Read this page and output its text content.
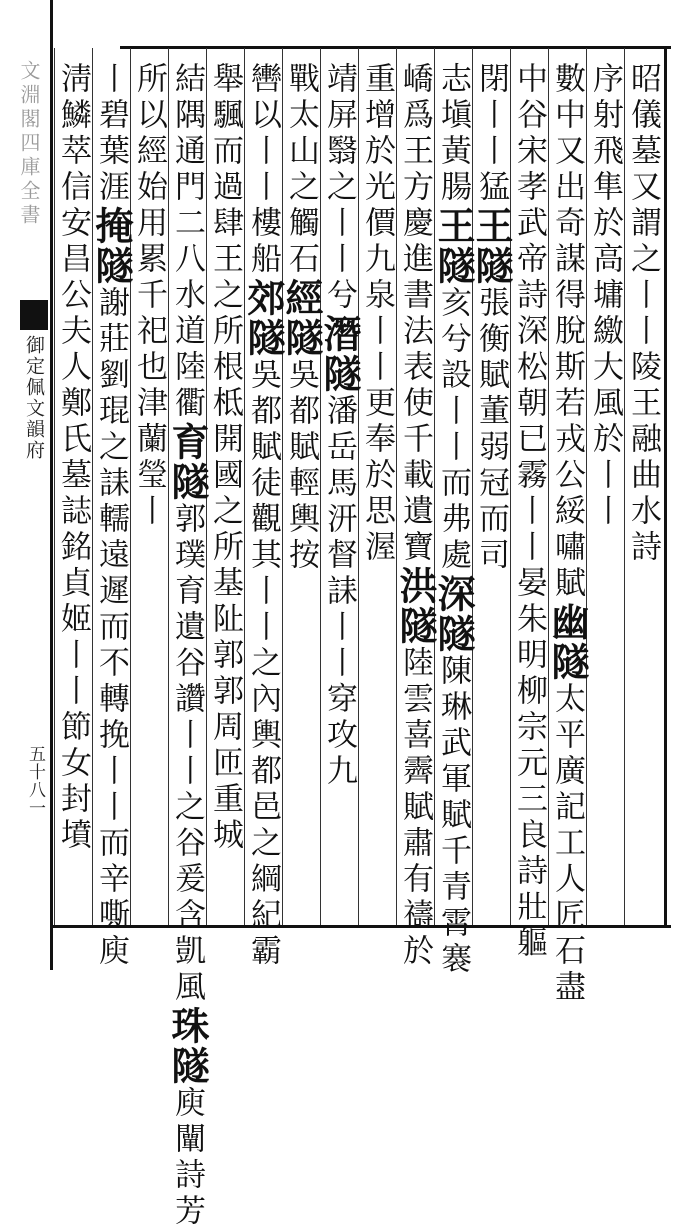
文淵閣四庫全書
御定佩文韻府
五十八一
昭儀墓又謂之丨丨陵王融曲水詩
序射飛隼於高墉繳大風於丨丨
數中又出奇謀得脫斯若戎公綏嘯賦幽隧太平廣記工人匠石盡
中谷宋孝武帝詩深松朝已霧丨丨晏朱明柳宗元三良詩壯軀
閉丨丨猛王隧張衡賦董弱冠而司
志塡黃腸王隧亥兮設丨丨而弗處深隧陳琳武軍賦千青霄褰
嶠爲王方慶進書法表使千載遺寶洪隧陸雲喜霽賦肅有禱於
重增於光價九泉丨丨更奉於思渥
靖屏翳之丨丨兮潛隧潘岳馬汧督誄丨丨穿攻九
戰太山之觸石經隧吳都賦輕輿按
轡以丨丨樓船郊隧吳都賦徒觀其丨丨之內輿都邑之綱紀霸
舉颿而過肆王之所根柢開國之所基阯郭郭周匝重城
結隅通門二八水道陸衢育隧郭璞育遺谷讚丨丨之谷爰含凱風珠隧庾闡詩芳
所以經始用累千祀也津蘭瑩丨
丨碧葉涯掩隧謝莊劉琨之誄轜遠遲而不轉挽丨丨而辛嘶庾
淸鱗萃信安昌公夫人鄭氏墓誌銘貞姬丨丨節女封墳
